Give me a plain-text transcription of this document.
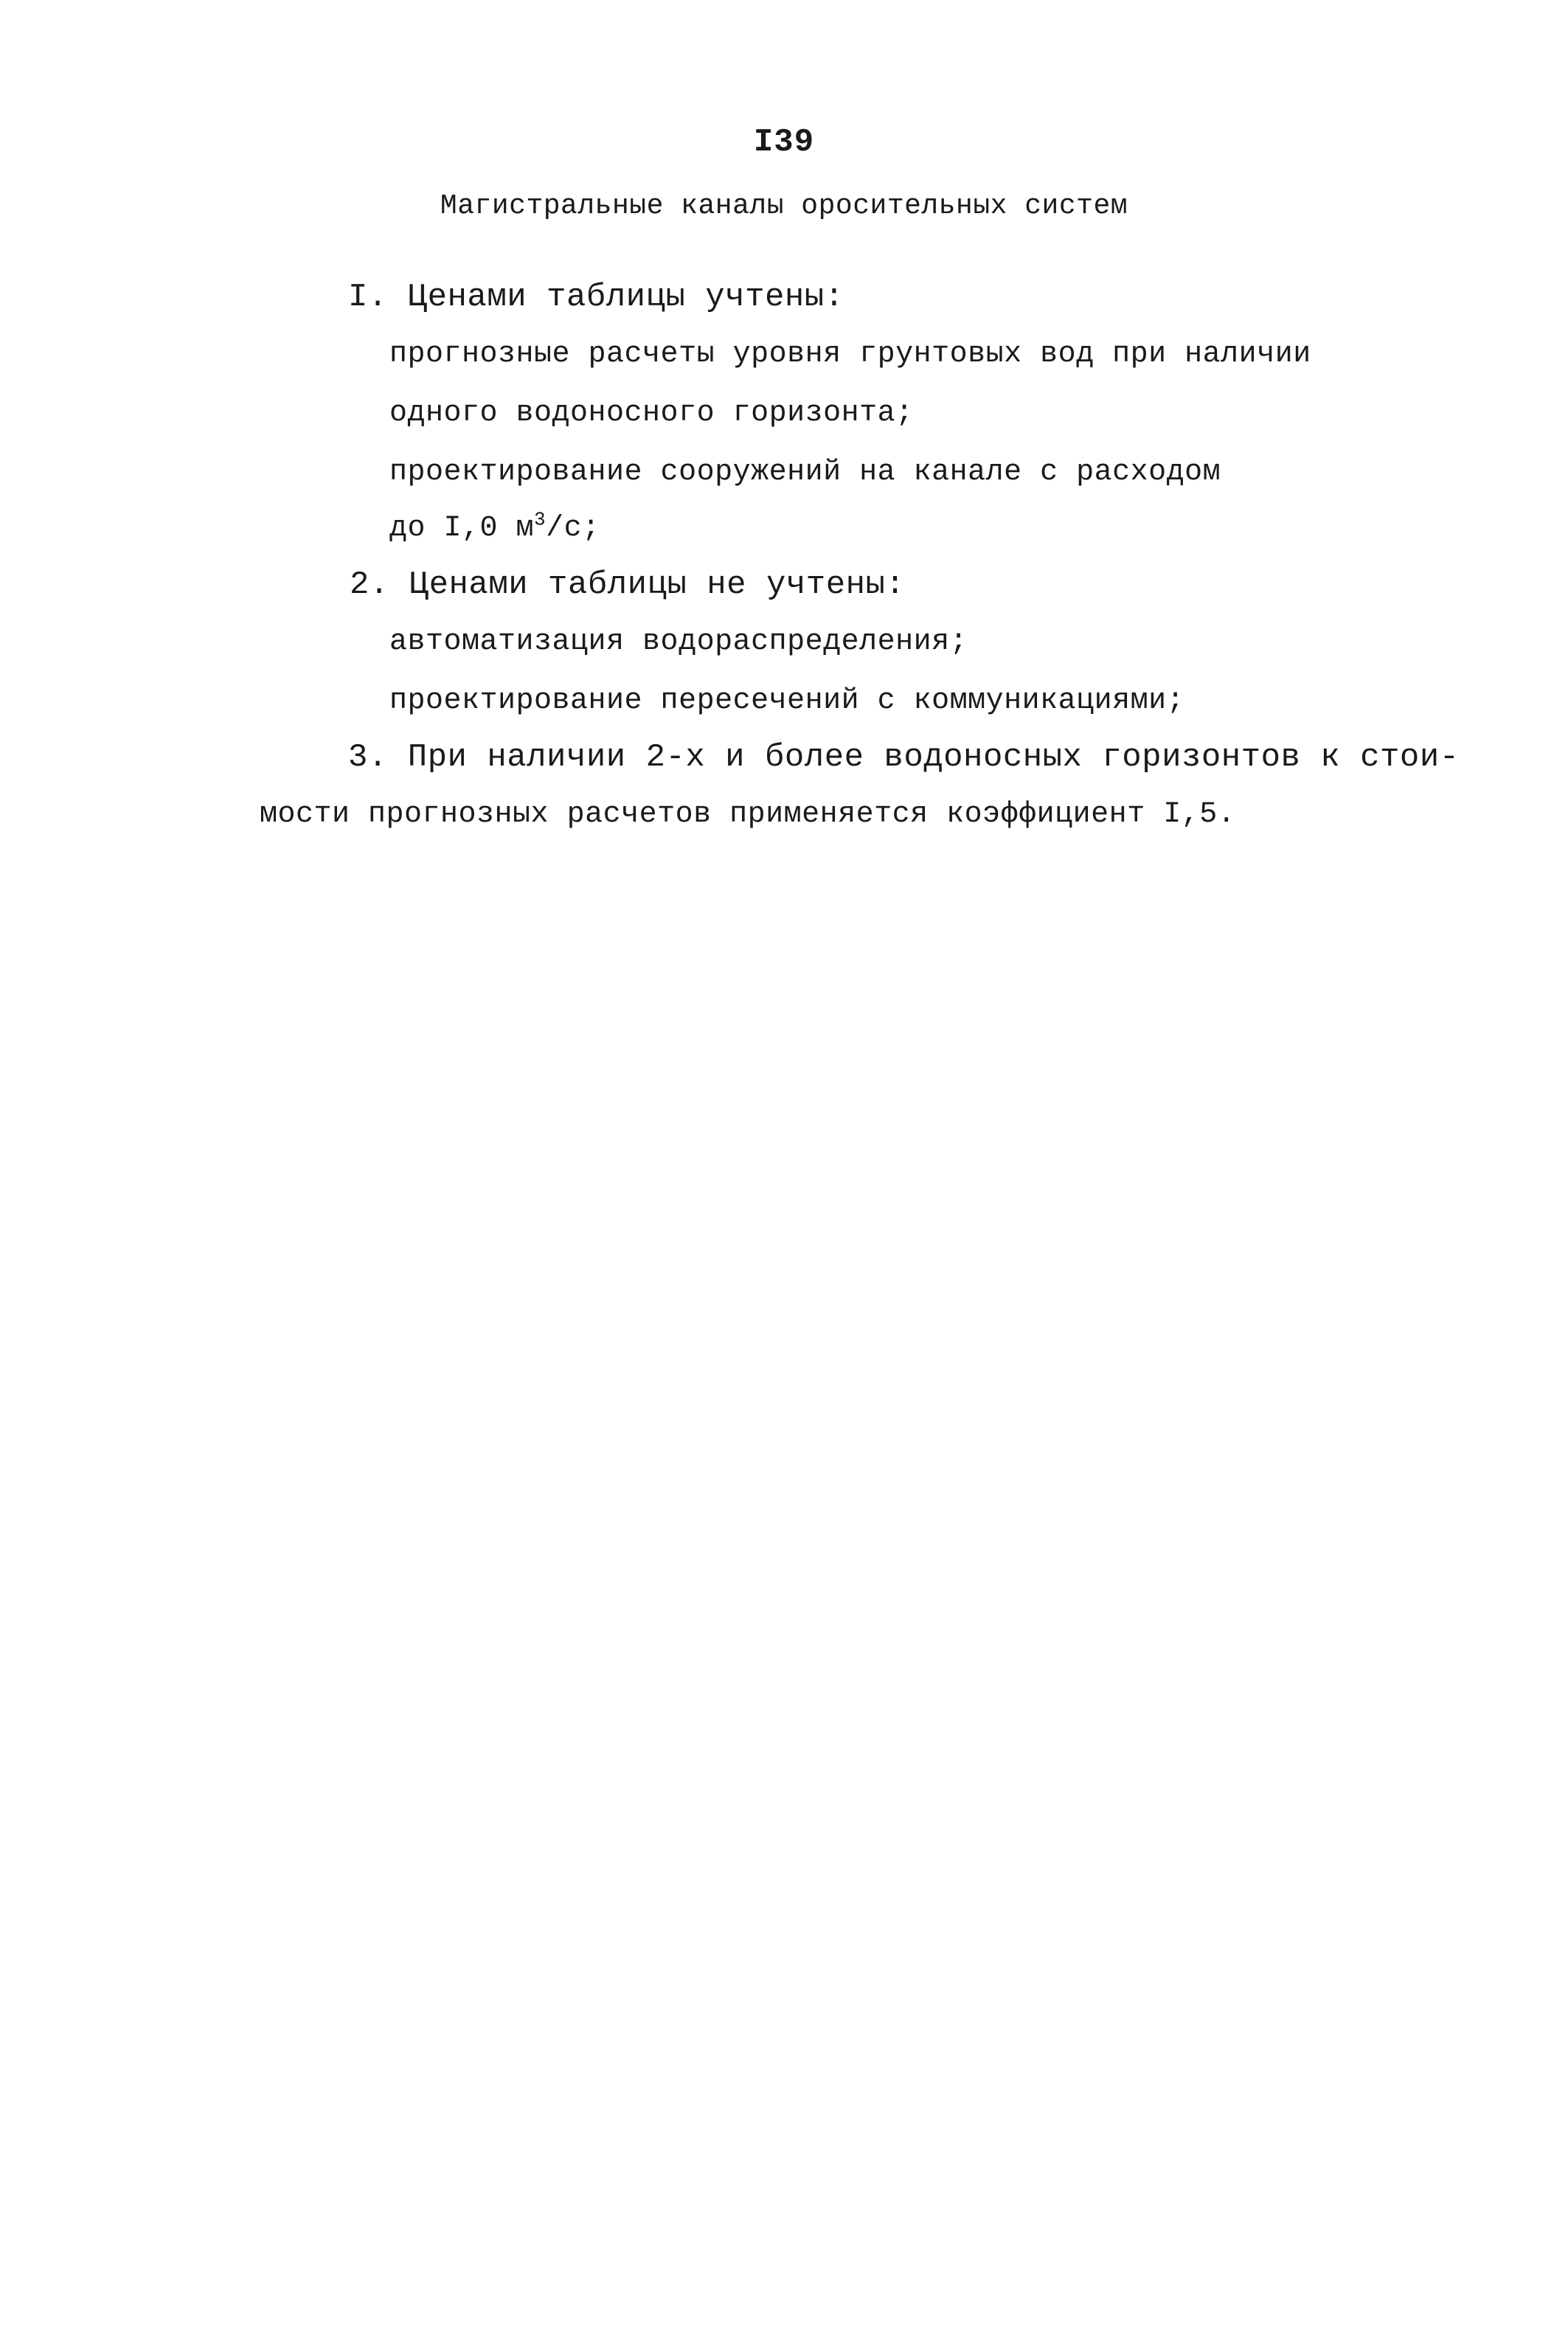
I39
Магистральные каналы оросительных систем
I. Ценами таблицы учтены:
прогнозные расчеты уровня грунтовых вод при наличии
одного водоносного горизонта;
проектирование сооружений на канале с расходом
до I,0 $м^3/с$;
2. Ценами таблицы не учтены:
автоматизация водораспределения;
проектирование пересечений с коммуникациями;
3. При наличии 2-х и более водоносных горизонтов к стои-
мости прогнозных расчетов применяется коэффициент I,5.
